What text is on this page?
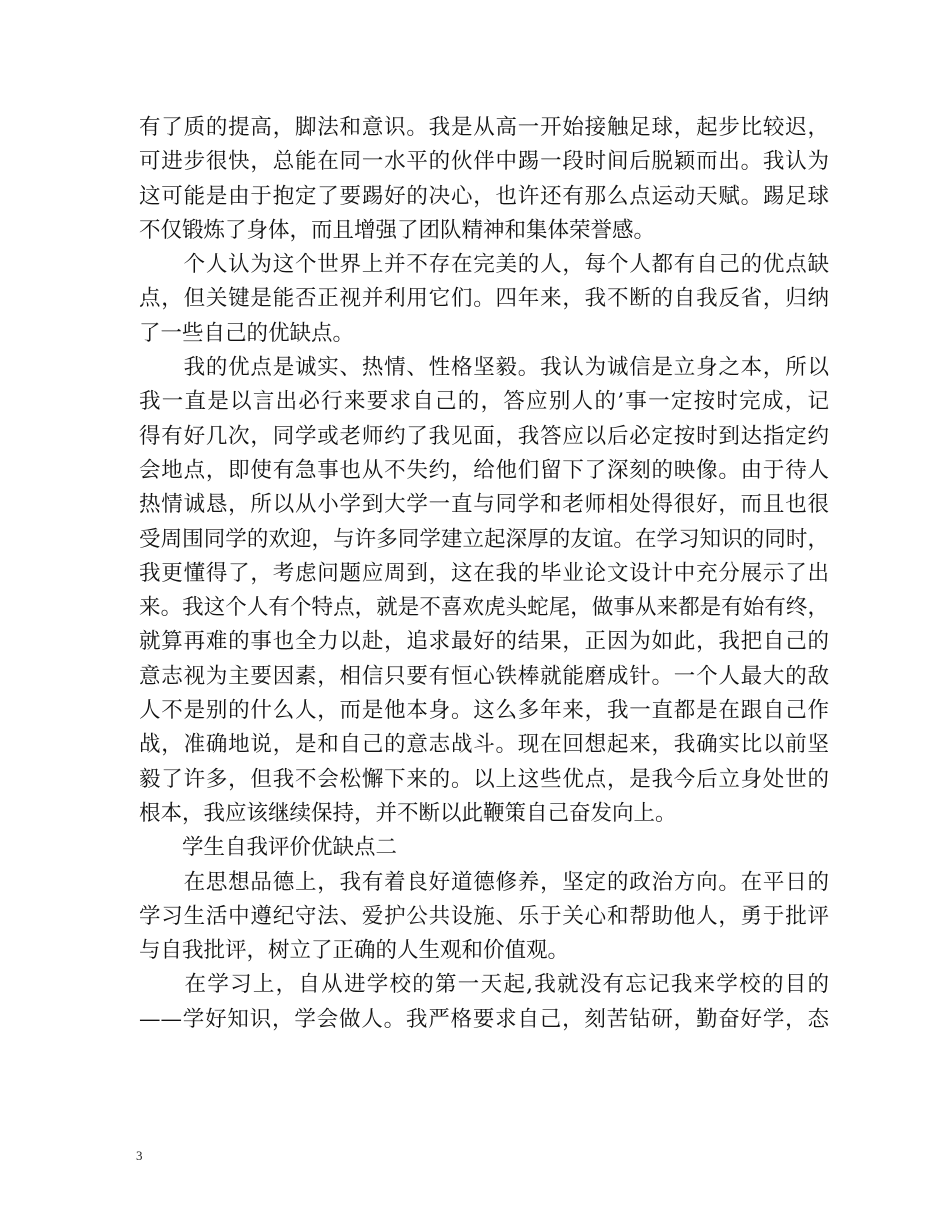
有了质的提高，脚法和意识。我是从高一开始接触足球，起步比较迟，
可进步很快，总能在同一水平的伙伴中踢一段时间后脱颖而出。我认为
这可能是由于抱定了要踢好的决心，也许还有那么点运动天赋。踢足球
不仅锻炼了身体，而且增强了团队精神和集体荣誉感。
　　个人认为这个世界上并不存在完美的人，每个人都有自己的优点缺
点，但关键是能否正视并利用它们。四年来，我不断的自我反省，归纳
了一些自己的优缺点。
　　我的优点是诚实、热情、性格坚毅。我认为诚信是立身之本，所以
我一直是以言出必行来要求自己的，答应别人的’事一定按时完成，记
得有好几次，同学或老师约了我见面，我答应以后必定按时到达指定约
会地点，即使有急事也从不失约，给他们留下了深刻的映像。由于待人
热情诚恳，所以从小学到大学一直与同学和老师相处得很好，而且也很
受周围同学的欢迎，与许多同学建立起深厚的友谊。在学习知识的同时，
我更懂得了，考虑问题应周到，这在我的毕业论文设计中充分展示了出
来。我这个人有个特点，就是不喜欢虎头蛇尾，做事从来都是有始有终，
就算再难的事也全力以赴，追求最好的结果，正因为如此，我把自己的
意志视为主要因素，相信只要有恒心铁棒就能磨成针。一个人最大的敌
人不是别的什么人，而是他本身。这么多年来，我一直都是在跟自己作
战，准确地说，是和自己的意志战斗。现在回想起来，我确实比以前坚
毅了许多，但我不会松懈下来的。以上这些优点，是我今后立身处世的
根本，我应该继续保持，并不断以此鞭策自己奋发向上。
　　学生自我评价优缺点二
　　在思想品德上，我有着良好道德修养，坚定的政治方向。在平日的
学习生活中遵纪守法、爱护公共设施、乐于关心和帮助他人，勇于批评
与自我批评，树立了正确的人生观和价值观。
　　在学习上，自从进学校的第一天起,我就没有忘记我来学校的目的
——学好知识，学会做人。我严格要求自己，刻苦钻研，勤奋好学，态
3
